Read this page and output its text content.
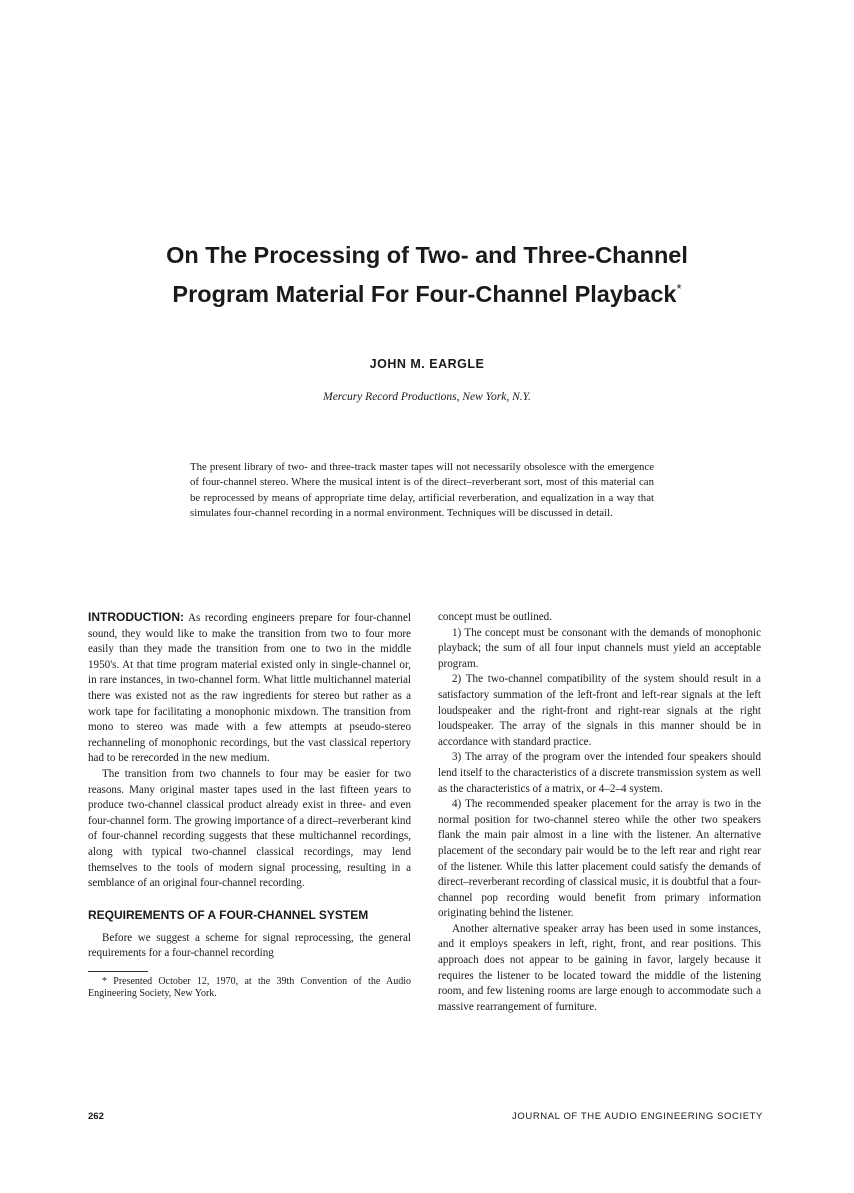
On The Processing of Two- and Three-Channel
Program Material For Four-Channel Playback*
JOHN M. EARGLE
Mercury Record Productions, New York, N.Y.
The present library of two- and three-track master tapes will not necessarily obsolesce with the emergence of four-channel stereo. Where the musical intent is of the direct–reverberant sort, most of this material can be reprocessed by means of appropriate time delay, artificial reverberation, and equalization in a way that simulates four-channel recording in a normal environment. Techniques will be discussed in detail.

INTRODUCTION: As recording engineers prepare for four-channel sound, they would like to make the transition from two to four more easily than they made the transition from one to two in the middle 1950's. At that time program material existed only in single-channel or, in rare instances, in two-channel form. What little multichannel material there was existed not as the raw ingredients for stereo but rather as a work tape for facilitating a monophonic mixdown. The transition from mono to stereo was made with a few attempts at pseudo-stereo rechanneling of monophonic recordings, but the vast classical repertory had to be rerecorded in the new medium.

The transition from two channels to four may be easier for two reasons. Many original master tapes used in the last fifteen years to produce two-channel classical product already exist in three- and even four-channel form. The growing importance of a direct–reverberant kind of four-channel recording suggests that these multichannel recordings, along with typical two-channel classical recordings, may lend themselves to the tools of modern signal processing, resulting in a semblance of an original four-channel recording.

REQUIREMENTS OF A FOUR-CHANNEL SYSTEM

Before we suggest a scheme for signal reprocessing, the general requirements for a four-channel recording

* Presented October 12, 1970, at the 39th Convention of the Audio Engineering Society, New York.

concept must be outlined.

1) The concept must be consonant with the demands of monophonic playback; the sum of all four input channels must yield an acceptable program.

2) The two-channel compatibility of the system should result in a satisfactory summation of the left-front and left-rear signals at the left loudspeaker and the right-front and right-rear signals at the right loudspeaker. The array of the signals in this manner should be in accordance with standard practice.

3) The array of the program over the intended four speakers should lend itself to the characteristics of a discrete transmission system as well as the characteristics of a matrix, or 4–2–4 system.

4) The recommended speaker placement for the array is two in the normal position for two-channel stereo while the other two speakers flank the main pair almost in a line with the listener. An alternative placement of the secondary pair would be to the left rear and right rear of the listener. While this latter placement could satisfy the demands of direct–reverberant recording of classical music, it is doubtful that a four-channel pop recording would benefit from primary information originating behind the listener.

Another alternative speaker array has been used in some instances, and it employs speakers in left, right, front, and rear positions. This approach does not appear to be gaining in favor, largely because it requires the listener to be located toward the middle of the listening room, and few listening rooms are large enough to accommodate such a massive rearrangement of furniture.

262	JOURNAL OF THE AUDIO ENGINEERING SOCIETY
